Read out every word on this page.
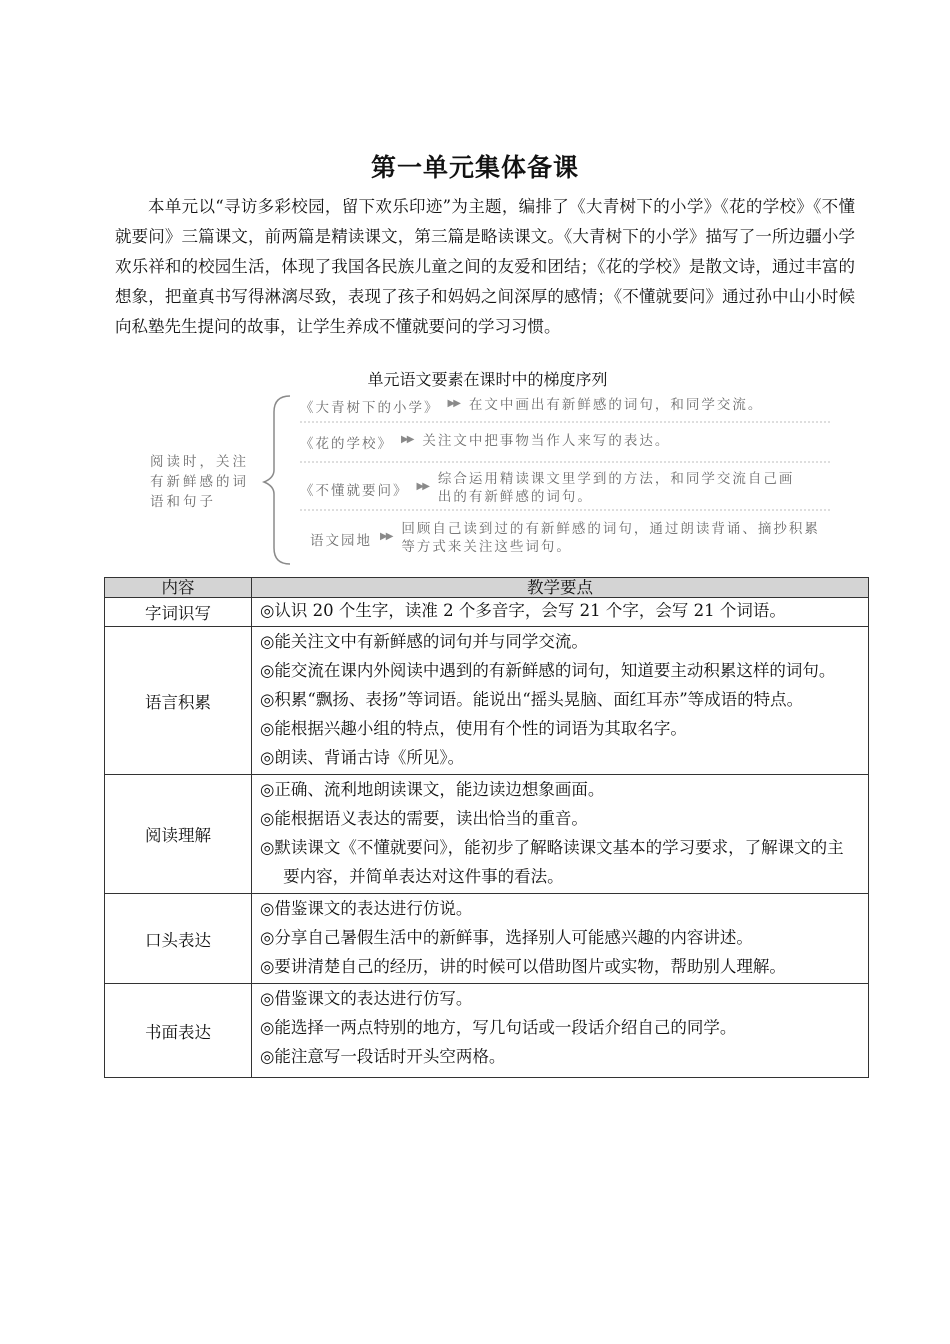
第一单元集体备课

本单元以“寻访多彩校园，留下欢乐印迹”为主题，编排了《大青树下的小学》《花的学校》《不懂就要问》三篇课文，前两篇是精读课文，第三篇是略读课文。《大青树下的小学》描写了一所边疆小学欢乐祥和的校园生活，体现了我国各民族儿童之间的友爱和团结；《花的学校》是散文诗，通过丰富的想象，把童真书写得淋漓尽致，表现了孩子和妈妈之间深厚的感情；《不懂就要问》通过孙中山小时候向私塾先生提问的故事，让学生养成不懂就要问的学习习惯。

单元语文要素在课时中的梯度序列
阅读时，关注有新鲜感的词语和句子
《大青树下的小学》 ▶▶ 在文中画出有新鲜感的词句，和同学交流。
《花的学校》 ▶▶ 关注文中把事物当作人来写的表达。
《不懂就要问》 ▶▶ 综合运用精读课文里学到的方法，和同学交流自己画出的有新鲜感的词句。
语文园地 ▶▶ 回顾自己读到过的有新鲜感的词句，通过朗读背诵、摘抄积累等方式来关注这些词句。
内容	教学要点
字词识写	◎认识 20 个生字，读准 2 个多音字，会写 21 个字，会写 21 个词语。

语言积累	◎能关注文中有新鲜感的词句并与同学交流。
◎能交流在课内外阅读中遇到的有新鲜感的词句，知道要主动积累这样的词句。
◎积累“飘扬、表扬”等词语。能说出“摇头晃脑、面红耳赤”等成语的特点。
◎能根据兴趣小组的特点，使用有个性的词语为其取名字。
◎朗读、背诵古诗《所见》。

阅读理解	◎正确、流利地朗读课文，能边读边想象画面。
◎能根据语义表达的需要，读出恰当的重音。
◎默读课文《不懂就要问》，能初步了解略读课文基本的学习要求，了解课文的主要内容，并简单表达对这件事的看法。

口头表达	◎借鉴课文的表达进行仿说。
◎分享自己暑假生活中的新鲜事，选择别人可能感兴趣的内容讲述。
◎要讲清楚自己的经历，讲的时候可以借助图片或实物，帮助别人理解。

书面表达	◎借鉴课文的表达进行仿写。
◎能选择一两点特别的地方，写几句话或一段话介绍自己的同学。
◎能注意写一段话时开头空两格。
